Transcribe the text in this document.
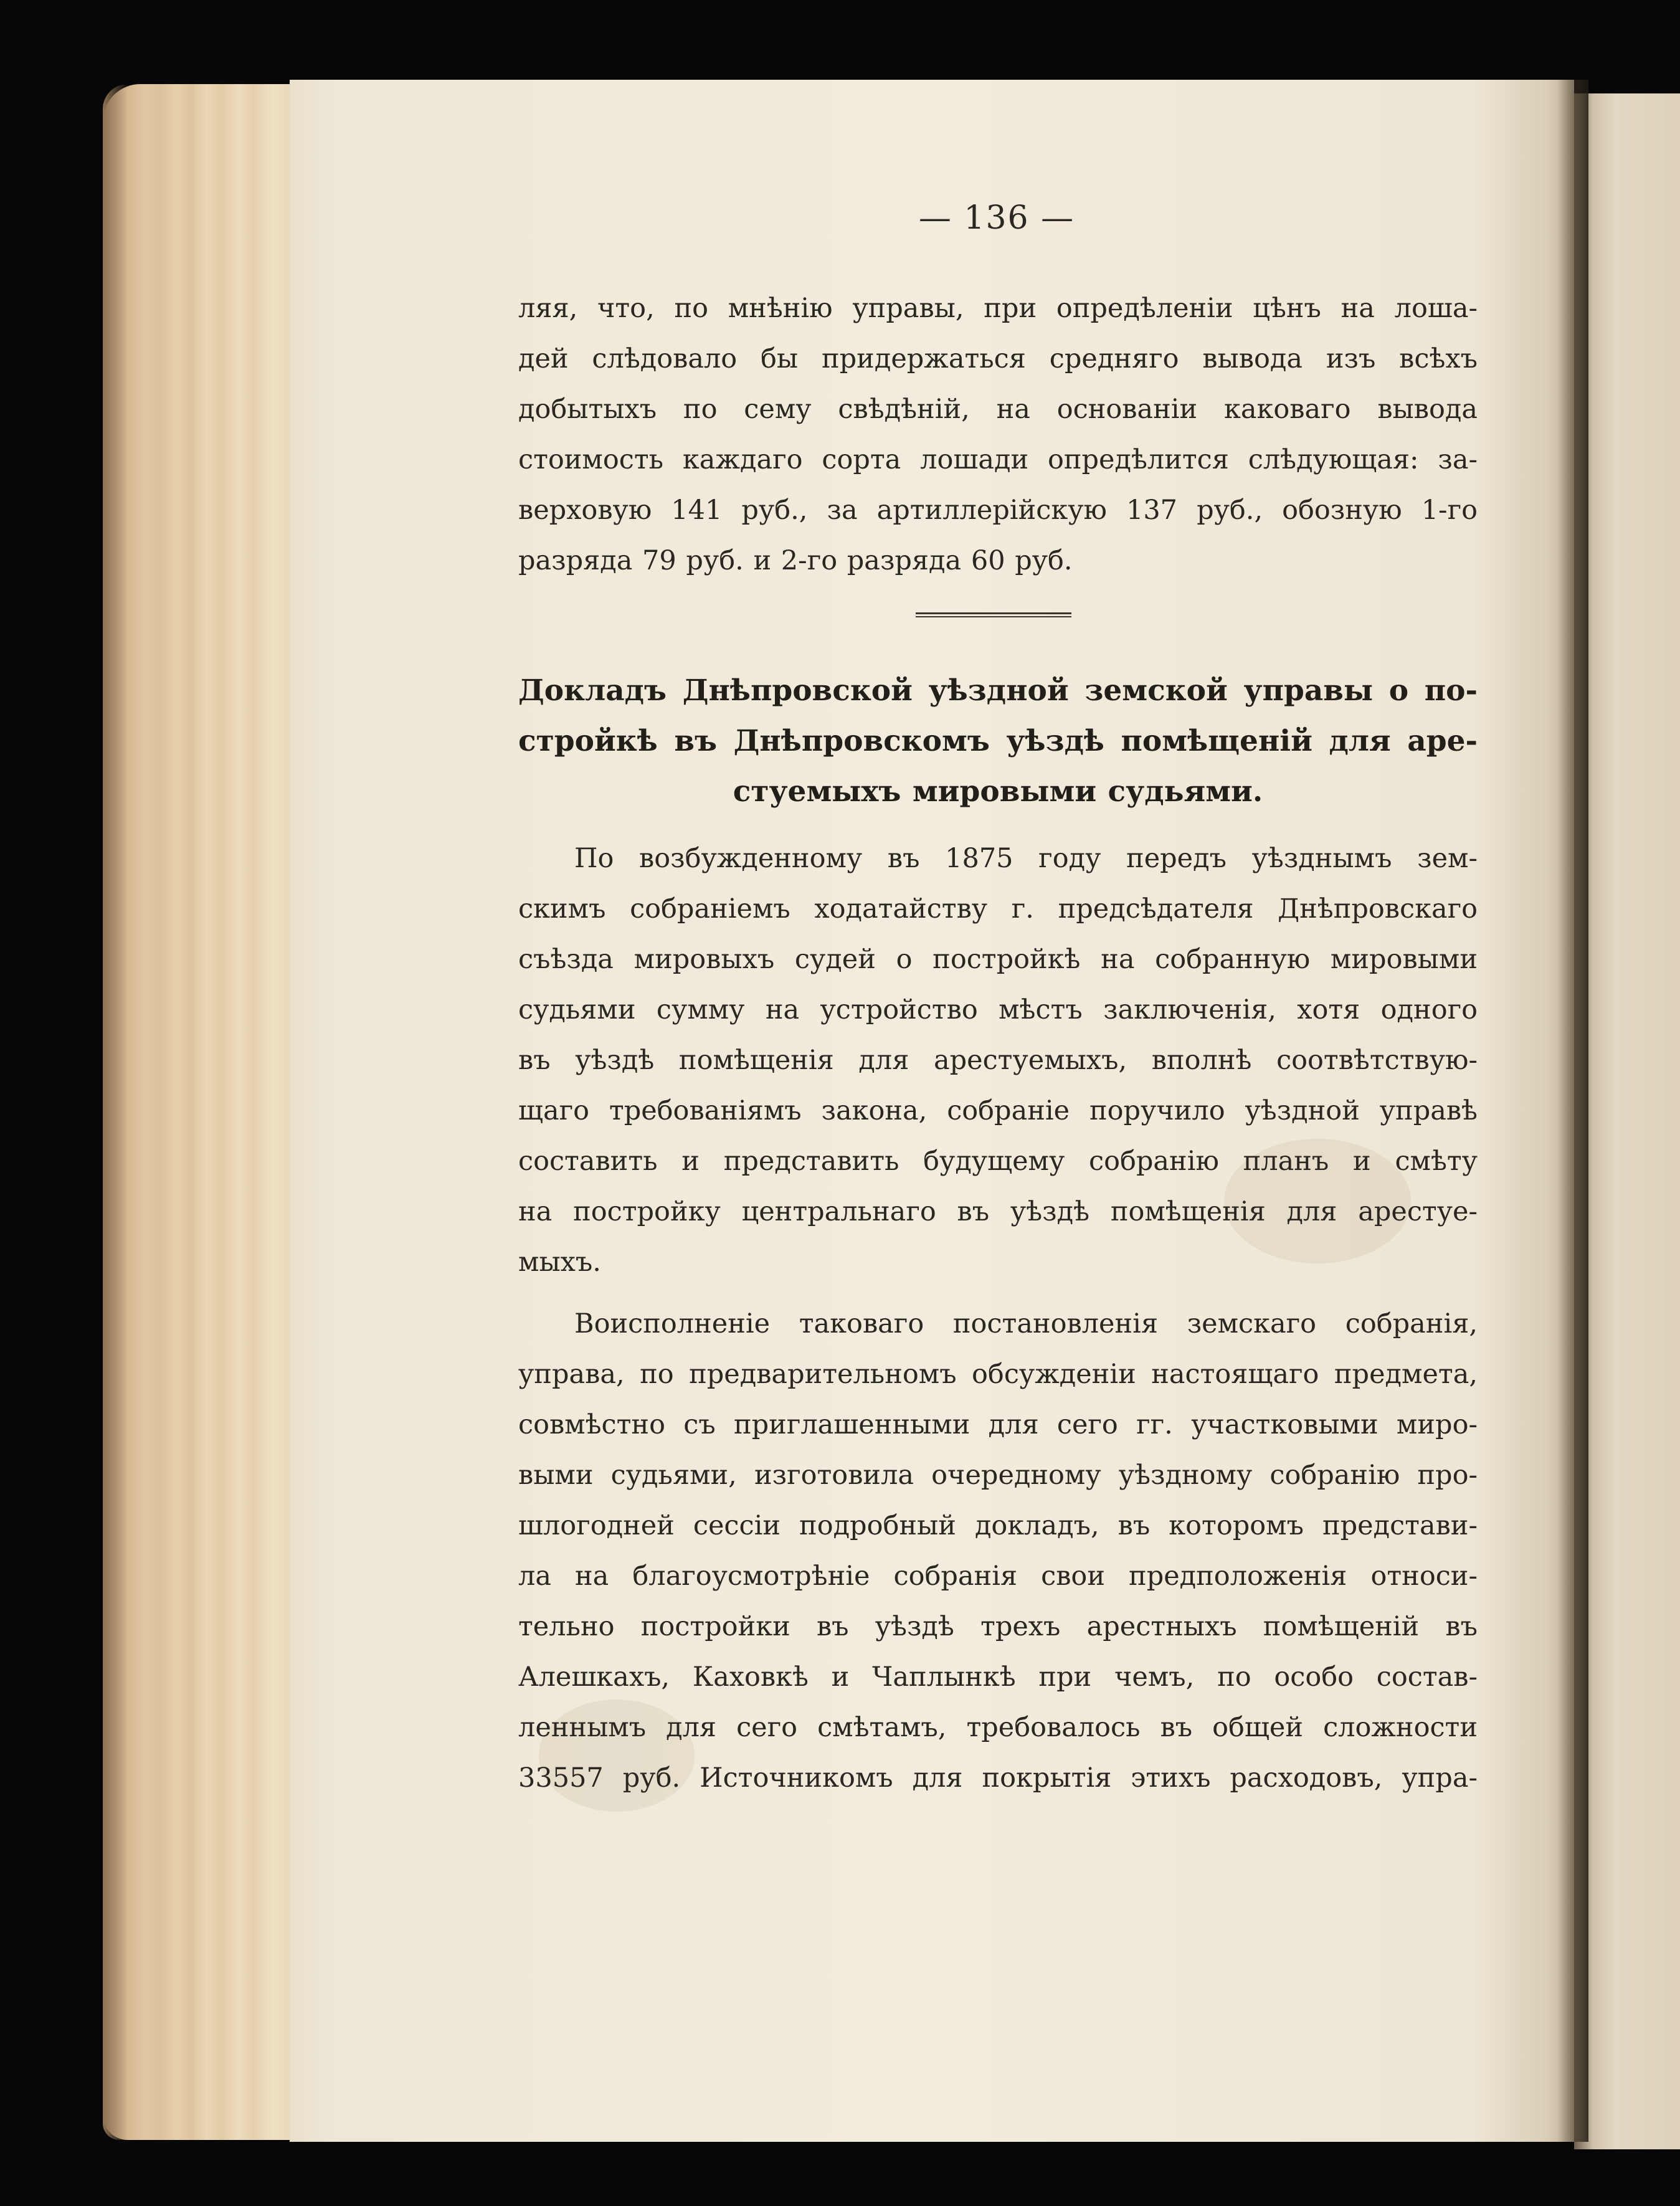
— 136 —
ляя, что, по мнѣнію управы, при опредѣленіи цѣнъ на лоша-
дей слѣдовало бы придержаться средняго вывода изъ всѣхъ
добытыхъ по сему свѣдѣній, на основаніи каковаго вывода
стоимость каждаго сорта лошади опредѣлится слѣдующая: за-
верховую 141 руб., за артиллерійскую 137 руб., обозную 1-го
разряда 79 руб. и 2-го разряда 60 руб.
Докладъ Днѣпровской уѣздной земской управы о по-
стройкѣ въ Днѣпровскомъ уѣздѣ помѣщеній для аре-
стуемыхъ мировыми судьями.
По возбужденному въ 1875 году передъ уѣзднымъ зем-
скимъ собраніемъ ходатайству г. предсѣдателя Днѣпровскаго
съѣзда мировыхъ судей о постройкѣ на собранную мировыми
судьями сумму на устройство мѣстъ заключенія, хотя одного
въ уѣздѣ помѣщенія для арестуемыхъ, вполнѣ соотвѣтствую-
щаго требованіямъ закона, собраніе поручило уѣздной управѣ
составить и представить будущему собранію планъ и смѣту
на постройку центральнаго въ уѣздѣ помѣщенія для арестуе-
мыхъ.
Воисполненіе таковаго постановленія земскаго собранія,
управа, по предварительномъ обсужденіи настоящаго предмета,
совмѣстно съ приглашенными для сего гг. участковыми миро-
выми судьями, изготовила очередному уѣздному собранію про-
шлогодней сессіи подробный докладъ, въ которомъ представи-
ла на благоусмотрѣніе собранія свои предположенія относи-
тельно постройки въ уѣздѣ трехъ арестныхъ помѣщеній въ
Алешкахъ, Каховкѣ и Чаплынкѣ при чемъ, по особо состав-
леннымъ для сего смѣтамъ, требовалось въ общей сложности
33557 руб. Источникомъ для покрытія этихъ расходовъ, упра-
